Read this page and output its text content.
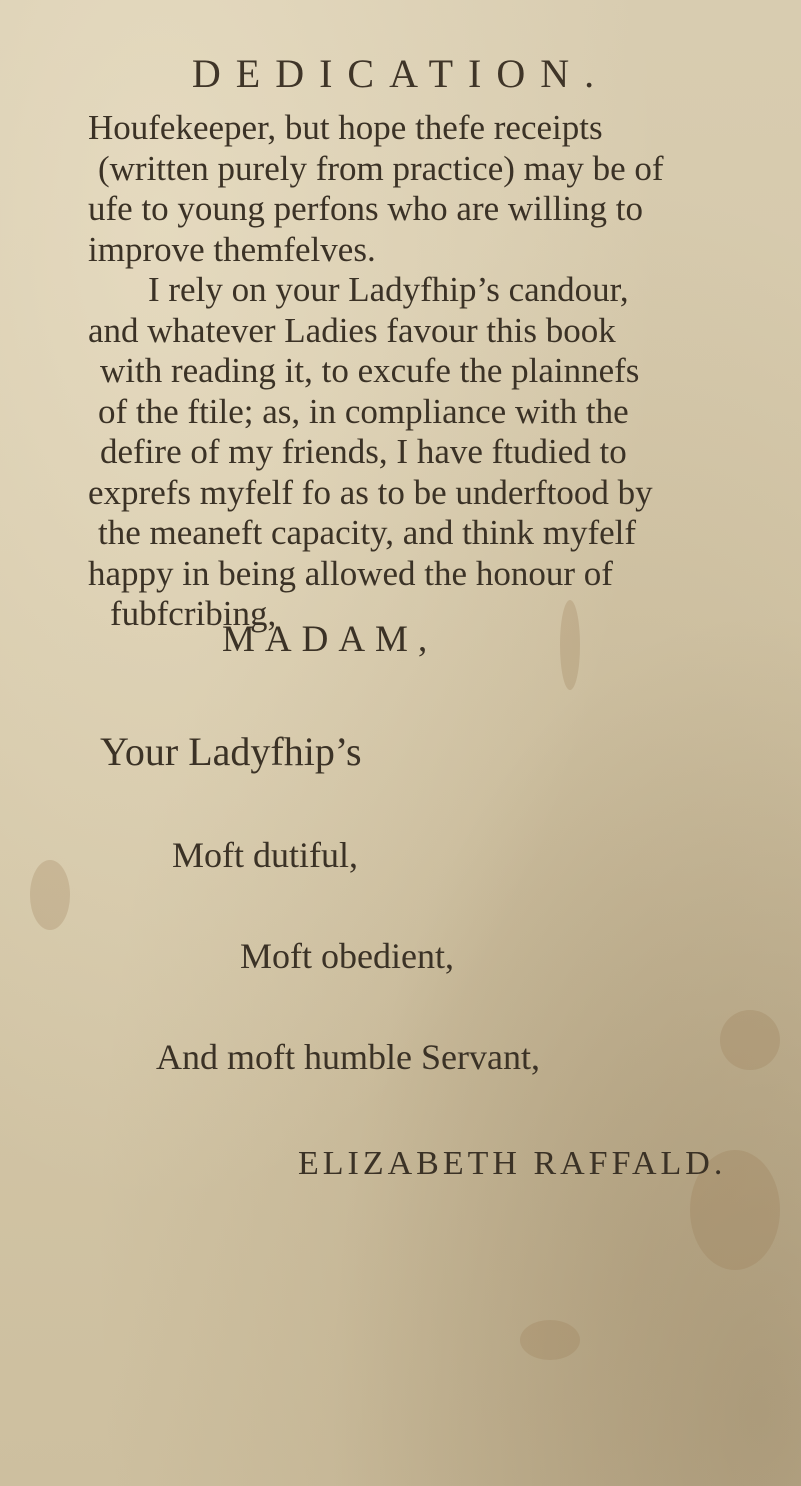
DEDICATION.
Houfekeeper, but hope thefe receipts
(written purely from practice) may be of
ufe to young perfons who are willing to
improve themfelves.
I rely on your Ladyfhip’s candour,
and whatever Ladies favour this book
with reading it, to excufe the plainnefs
of the ftile; as, in compliance with the
defire of my friends, I have ftudied to
exprefs myfelf fo as to be underftood by
the meaneft capacity, and think myfelf
happy in being allowed the honour of
fubfcribing,
MADAM,
Your Ladyfhip’s
Moft dutiful,
Moft obedient,
And moft humble Servant,
ELIZABETH RAFFALD.
